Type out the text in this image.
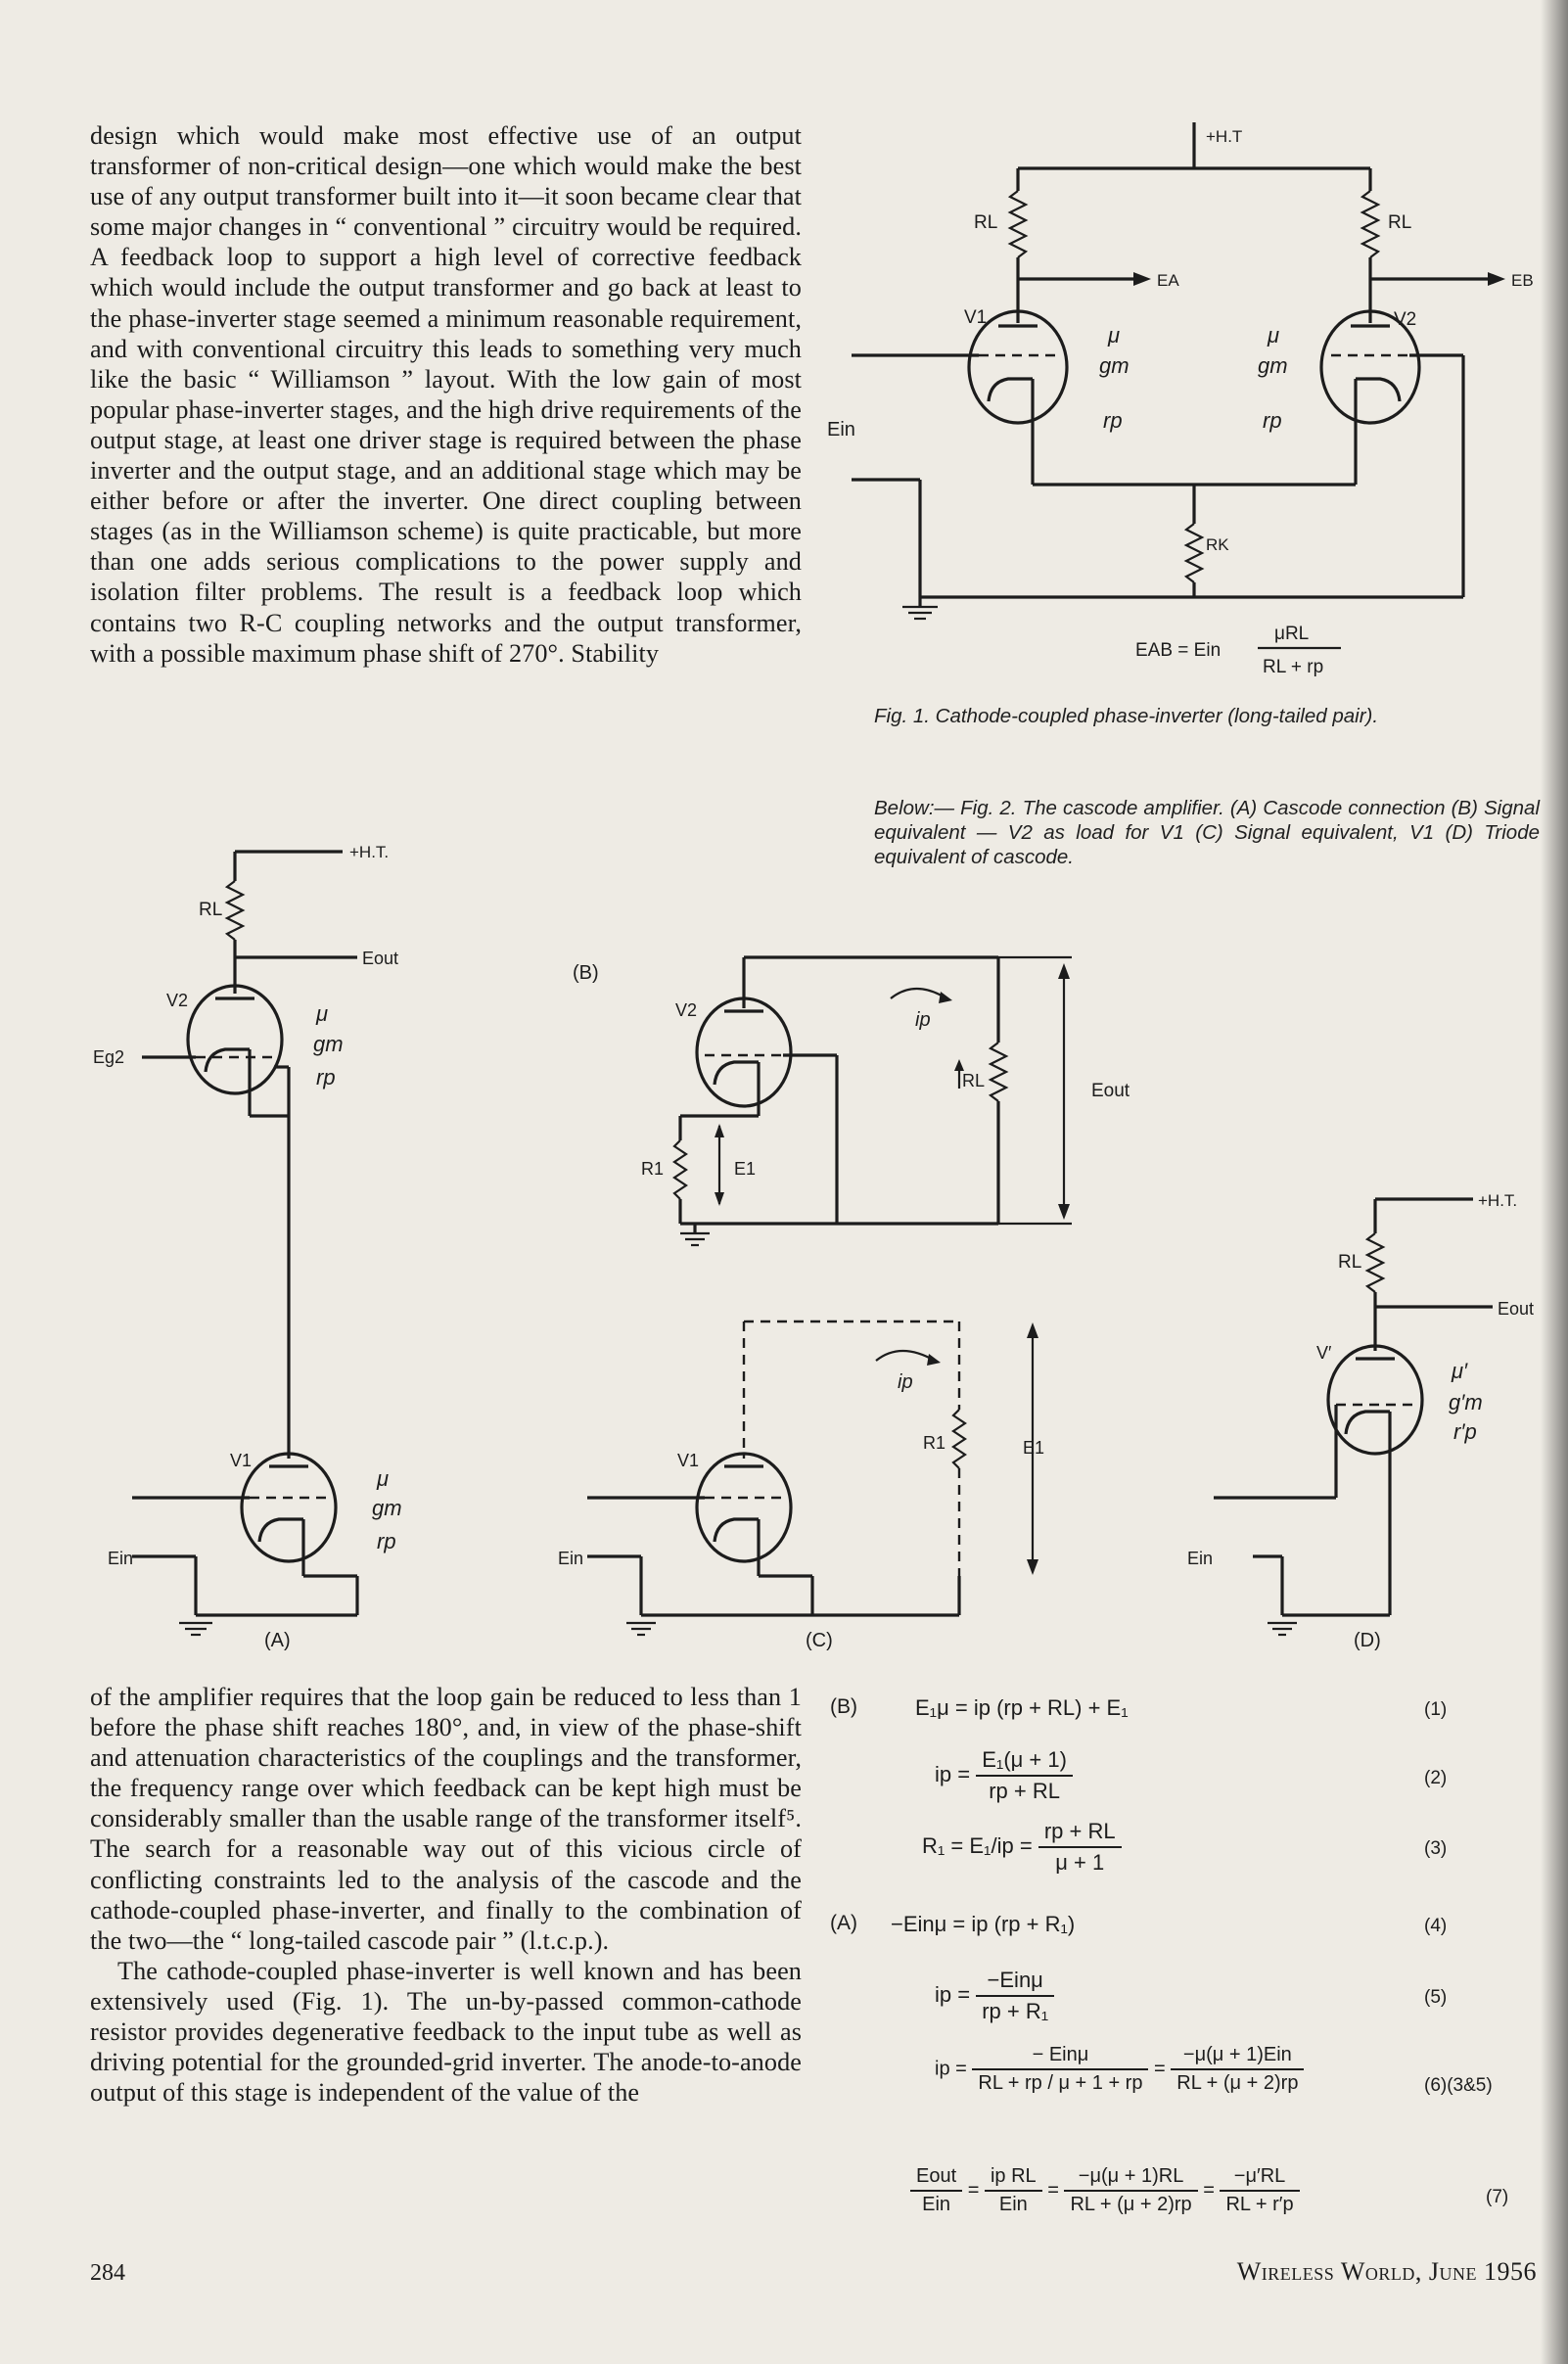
design which would make most effective use of an output transformer of non-critical design—one which would make the best use of any output transformer built into it—it soon became clear that some major changes in “ conventional ” circuitry would be required. A feedback loop to support a high level of corrective feedback which would include the output transformer and go back at least to the phase-inverter stage seemed a minimum reasonable requirement, and with conventional circuitry this leads to something very much like the basic “ Williamson ” layout. With the low gain of most popular phase-inverter stages, and the high drive requirements of the output stage, at least one driver stage is required between the phase inverter and the output stage, and an additional stage which may be either before or after the inverter. One direct coupling between stages (as in the Williamson scheme) is quite practicable, but more than one adds serious complications to the power supply and isolation filter problems. The result is a feedback loop which contains two R-C coupling networks and the output transformer, with a possible maximum phase shift of 270°. Stability

+H.T
RL
EA
RL
EB
V1
μ
gm
rp
Ein
V2
μ
gm
rp
RK
EAB = Ein
μRL
RL + rp
Fig. 1. Cathode-coupled phase-inverter (long-tailed pair).
Below:— Fig. 2. The cascode amplifier. (A) Cascode connection (B) Signal equivalent — V2 as load for V1 (C) Signal equivalent, V1 (D) Triode equivalent of cascode.
+H.T.
RL
Eout
V2
Eg2
μ
gm
rp
V1
μ
gm
rp
Ein
(A)
(B)
RL	Eout
V2	ip
R1	E1
R1	E1
ip
V1
Ein
(C)
+H.T.
RL
Eout
V′
μ′
g′m
r′p
Ein
(D)

of the amplifier requires that the loop gain be reduced to less than 1 before the phase shift reaches 180°, and, in view of the phase-shift and attenuation characteristics of the couplings and the transformer, the frequency range over which feedback can be kept high must be considerably smaller than the usable range of the transformer itself⁵. The search for a reasonable way out of this vicious circle of conflicting constraints led to the analysis of the cascode and the cathode-coupled phase-inverter, and finally to the combination of the two—the “ long-tailed cascode pair ” (l.t.c.p.).

The cathode-coupled phase-inverter is well known and has been extensively used (Fig. 1). The un-by-passed common-cathode resistor provides degenerative feedback to the input tube as well as driving potential for the grounded-grid inverter. The anode-to-anode output of this stage is independent of the value of the

(B)	E₁μ = ip (rp + RL) + E₁	(1)
ip = $\frac{\text{E₁(μ + 1)}}{rp + RL}$	(2)
$R_1 = E_1/ip = \frac{rp + RL}{\mu + 1}$	(3)
(A) −Einμ = ip (rp + R₁)	(4)
ip = $\frac{\text{−Einμ}}{\text{rp + R₁}}$	(5)
ip = $\frac{\text{− Einμ}}{RL + rp / \mu + 1 + rp} = \frac{\text{−μ(μ + 1)Ein}}{RL + (\mu + 2)rp}$	(6)(3&5)
$\frac{\text{Eout}}{\text{Ein}} = \frac{\text{ip RL}}{\text{Ein}} = \frac{-\mu(\mu + 1)RL}{RL + (\mu + 2)rp} = \frac{-\mu'RL}{RL + r'p}$	(7)
284	Wireless World, June 1956
